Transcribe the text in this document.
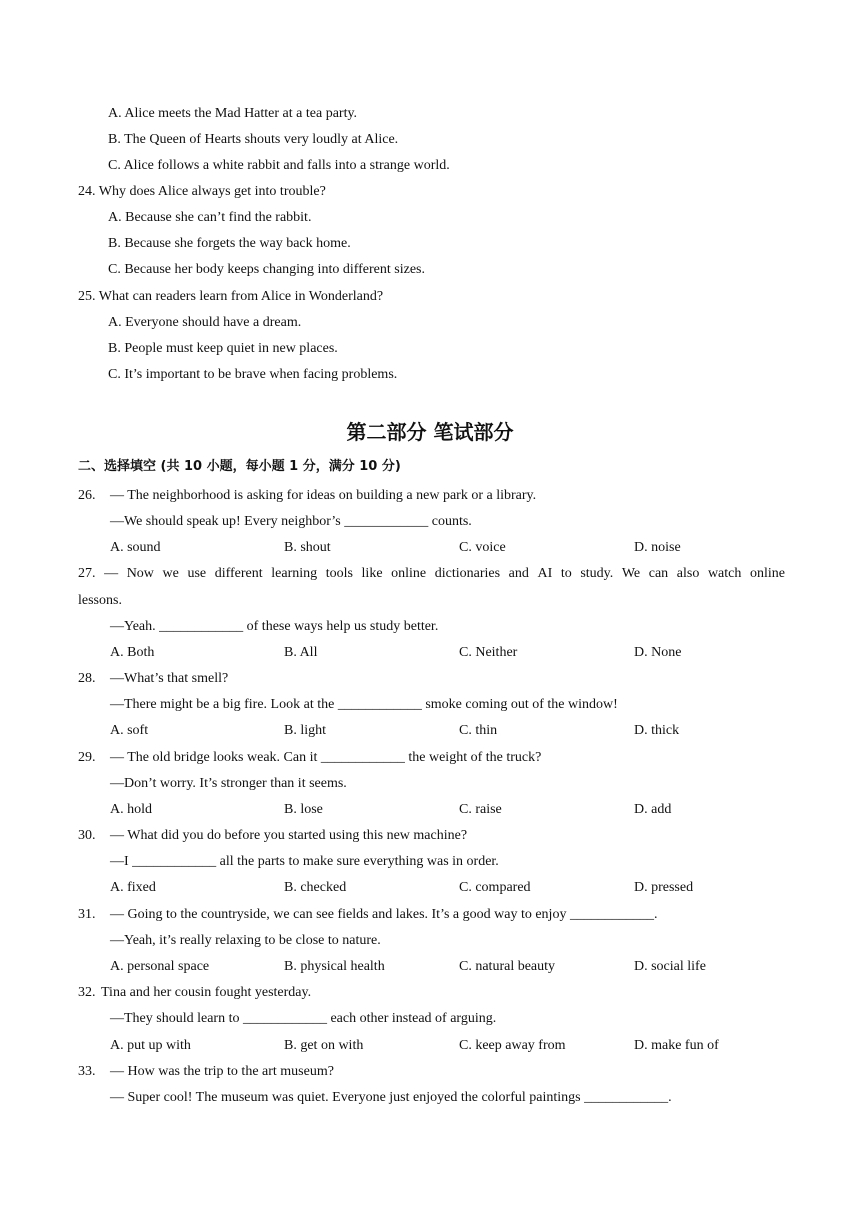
A. Alice meets the Mad Hatter at a tea party.
B. The Queen of Hearts shouts very loudly at Alice.
C. Alice follows a white rabbit and falls into a strange world.
24. Why does Alice always get into trouble?
A. Because she can’t find the rabbit.
B. Because she forgets the way back home.
C. Because her body keeps changing into different sizes.
25. What can readers learn from Alice in Wonderland?
A. Everyone should have a dream.
B. People must keep quiet in new places.
C. It’s important to be brave when facing problems.
第二部分 笔试部分
二、选择填空 (共 10 小题，每小题 1 分，满分 10 分)
26. — The neighborhood is asking for ideas on building a new park or a library.
—We should speak up! Every neighbor’s ____________ counts.
A. sound	B. shout	C. voice	D. noise
27. — Now we use different learning tools like online dictionaries and AI to study. We can also watch online
lessons.
—Yeah. ____________ of these ways help us study better.
A. Both	B. All	C. Neither	D. None
28. —What’s that smell?
—There might be a big fire. Look at the ____________ smoke coming out of the window!
A. soft	B. light	C. thin	D. thick
29. — The old bridge looks weak. Can it ____________ the weight of the truck?
—Don’t worry. It’s stronger than it seems.
A. hold	B. lose	C. raise	D. add
30. — What did you do before you started using this new machine?
—I ____________ all the parts to make sure everything was in order.
A. fixed	B. checked	C. compared	D. pressed
31. — Going to the countryside, we can see fields and lakes. It’s a good way to enjoy ____________.
—Yeah, it’s really relaxing to be close to nature.
A. personal space	B. physical health	C. natural beauty	D. social life
32. Tina and her cousin fought yesterday.
—They should learn to ____________ each other instead of arguing.
A. put up with	B. get on with	C. keep away from	D. make fun of
33. — How was the trip to the art museum?
— Super cool! The museum was quiet. Everyone just enjoyed the colorful paintings ____________.
